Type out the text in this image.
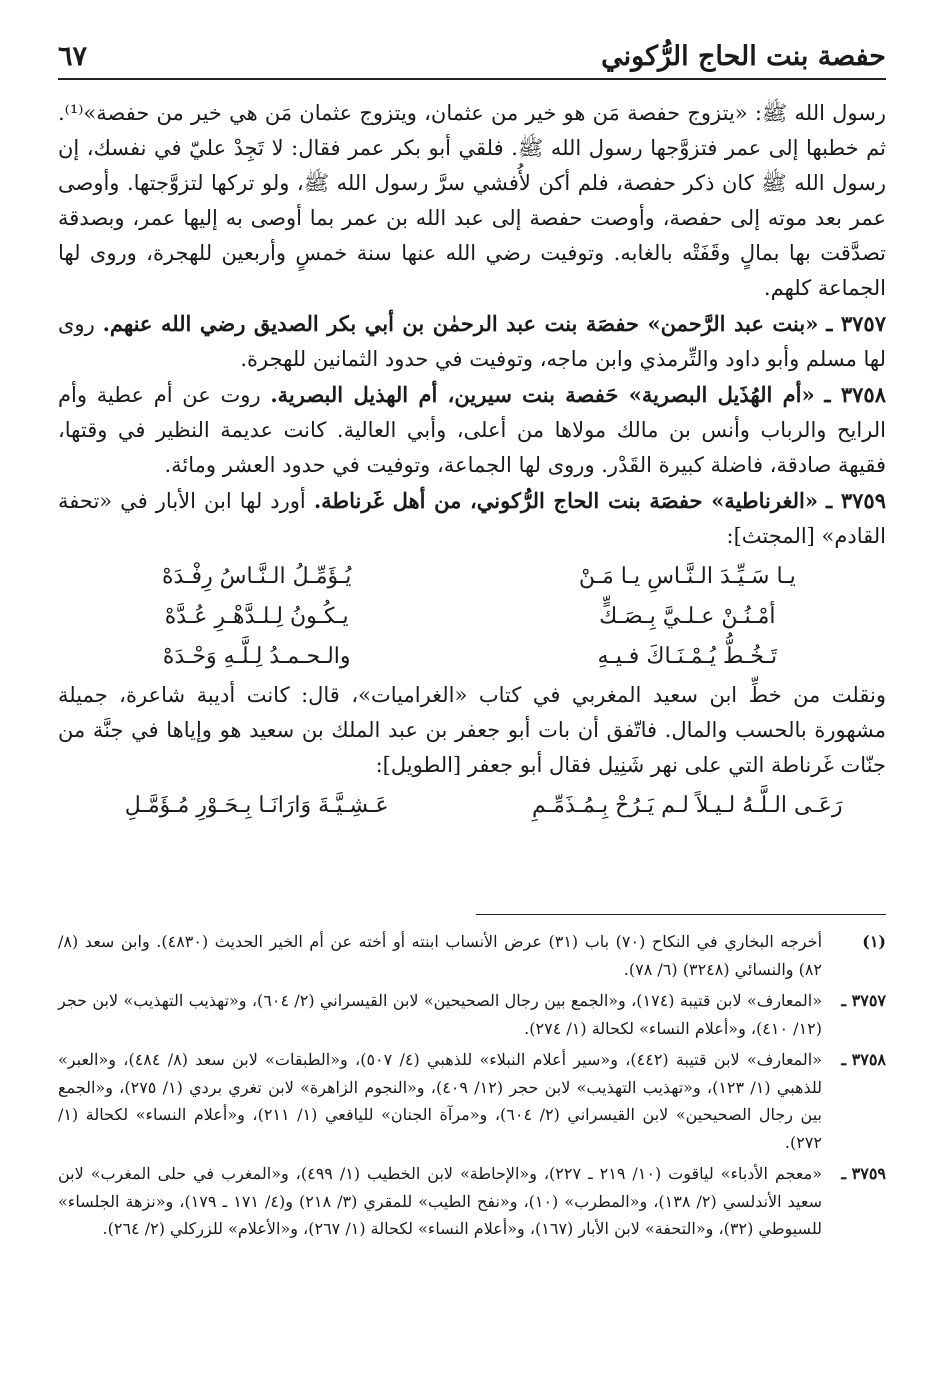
حفصة بنت الحاج الرُّكوني
٦٧

رسول الله ﷺ: «يتزوج حفصة مَن هو خير من عثمان، ويتزوج عثمان مَن هي خير من حفصة»⁽¹⁾. ثم خطبها إلى عمر فتزوَّجها رسول الله ﷺ. فلقي أبو بكر عمر فقال: لا تَجِدْ عليّ في نفسك، إن رسول الله ﷺ كان ذكر حفصة، فلم أكن لأُفشي سرَّ رسول الله ﷺ، ولو تركها لتزوَّجتها. وأوصى عمر بعد موته إلى حفصة، وأوصت حفصة إلى عبد الله بن عمر بما أوصى به إليها عمر، وبصدقة تصدَّقت بها بمالٍ وقَفَتْه بالغابه. وتوفيت رضي الله عنها سنة خمسٍ وأربعين للهجرة، وروى لها الجماعة كلهم.

٣٧٥٧ ـ «بنت عبد الرَّحمن» حفصَة بنت عبد الرحمٰن بن أبي بكر الصديق رضي الله عنهم. روى لها مسلم وأبو داود والتِّرمذي وابن ماجه، وتوفيت في حدود الثمانين للهجرة.

٣٧٥٨ ـ «أم الهُذَيل البصرية» حَفصة بنت سيرين، أم الهذيل البصرية. روت عن أم عطية وأم الرايح والرباب وأنس بن مالك مولاها من أعلى، وأبي العالية. كانت عديمة النظير في وقتها، فقيهة صادقة، فاضلة كبيرة القَدْر. وروى لها الجماعة، وتوفيت في حدود العشر ومائة.

٣٧٥٩ ـ «الغرناطية» حفصَة بنت الحاج الرُّكوني، من أهل غَرناطة. أورد لها ابن الأبار في «تحفة القادم» [المجتث]:

يـا سَـيِّـدَ الـنَّـاسِ يـا مَـنْ
يُـؤَمِّـلُ الـنَّـاسُ رِفْـدَهْ
أمْـنُـنْ عـلـيَّ بِـصَـكٍّ
يـكُـونُ لِـلـدَّهْـرِ عُـدَّهْ
تَـخُـطُّ يُـمْـنَـاكَ فـيـهِ
والـحـمـدُ لِـلَّـهِ وَحْـدَهْ

ونقلت من خطِّ ابن سعيد المغربي في كتاب «الغراميات»، قال: كانت أديبة شاعرة، جميلة مشهورة بالحسب والمال. فاتّفق أن بات أبو جعفر بن عبد الملك بن سعيد هو وإياها في جنَّة من جنّات غَرناطة التي على نهر شَنِيل فقال أبو جعفر [الطويل]:

رَعَـى الـلَّـهُ لـيـلاً لـم يَـرُحْ بِـمُـذَمِّـمِ
عَـشِـيَّـةَ وَارَانَـا بِـحَـوْرِ مُـؤَمَّـلِ
(١)
أخرجه البخاري في النكاح (٧٠) باب (٣١) عرض الأنساب ابنته أو أخته عن أم الخير الحديث (٤٨٣٠). وابن سعد (٨/ ٨٢) والنسائي (٣٢٤٨) (٦/ ٧٨).
٣٧٥٧ ـ
«المعارف» لابن قتيبة (١٧٤)، و«الجمع بين رجال الصحيحين» لابن القيسراني (٢/ ٦٠٤)، و«تهذيب التهذيب» لابن حجر (١٢/ ٤١٠)، و«أعلام النساء» لكحالة (١/ ٢٧٤).
٣٧٥٨ ـ
«المعارف» لابن قتيبة (٤٤٢)، و«سير أعلام النبلاء» للذهبي (٤/ ٥٠٧)، و«الطبقات» لابن سعد (٨/ ٤٨٤)، و«العبر» للذهبي (١/ ١٢٣)، و«تهذيب التهذيب» لابن حجر (١٢/ ٤٠٩)، و«النجوم الزاهرة» لابن تغري بردي (١/ ٢٧٥)، و«الجمع بين رجال الصحيحين» لابن القيسراني (٢/ ٦٠٤)، و«مرآة الجنان» لليافعي (١/ ٢١١)، و«أعلام النساء» لكحالة (١/ ٢٧٢).
٣٧٥٩ ـ
«معجم الأدباء» لياقوت (١٠/ ٢١٩ ـ ٢٢٧)، و«الإحاطة» لابن الخطيب (١/ ٤٩٩)، و«المغرب في حلى المغرب» لابن سعيد الأندلسي (٢/ ١٣٨)، و«المطرب» (١٠)، و«نفح الطيب» للمقري (٣/ ٢١٨) و(٤/ ١٧١ ـ ١٧٩)، و«نزهة الجلساء» للسيوطي (٣٢)، و«التحفة» لابن الأبار (١٦٧)، و«أعلام النساء» لكحالة (١/ ٢٦٧)، و«الأعلام» للزركلي (٢/ ٢٦٤).
